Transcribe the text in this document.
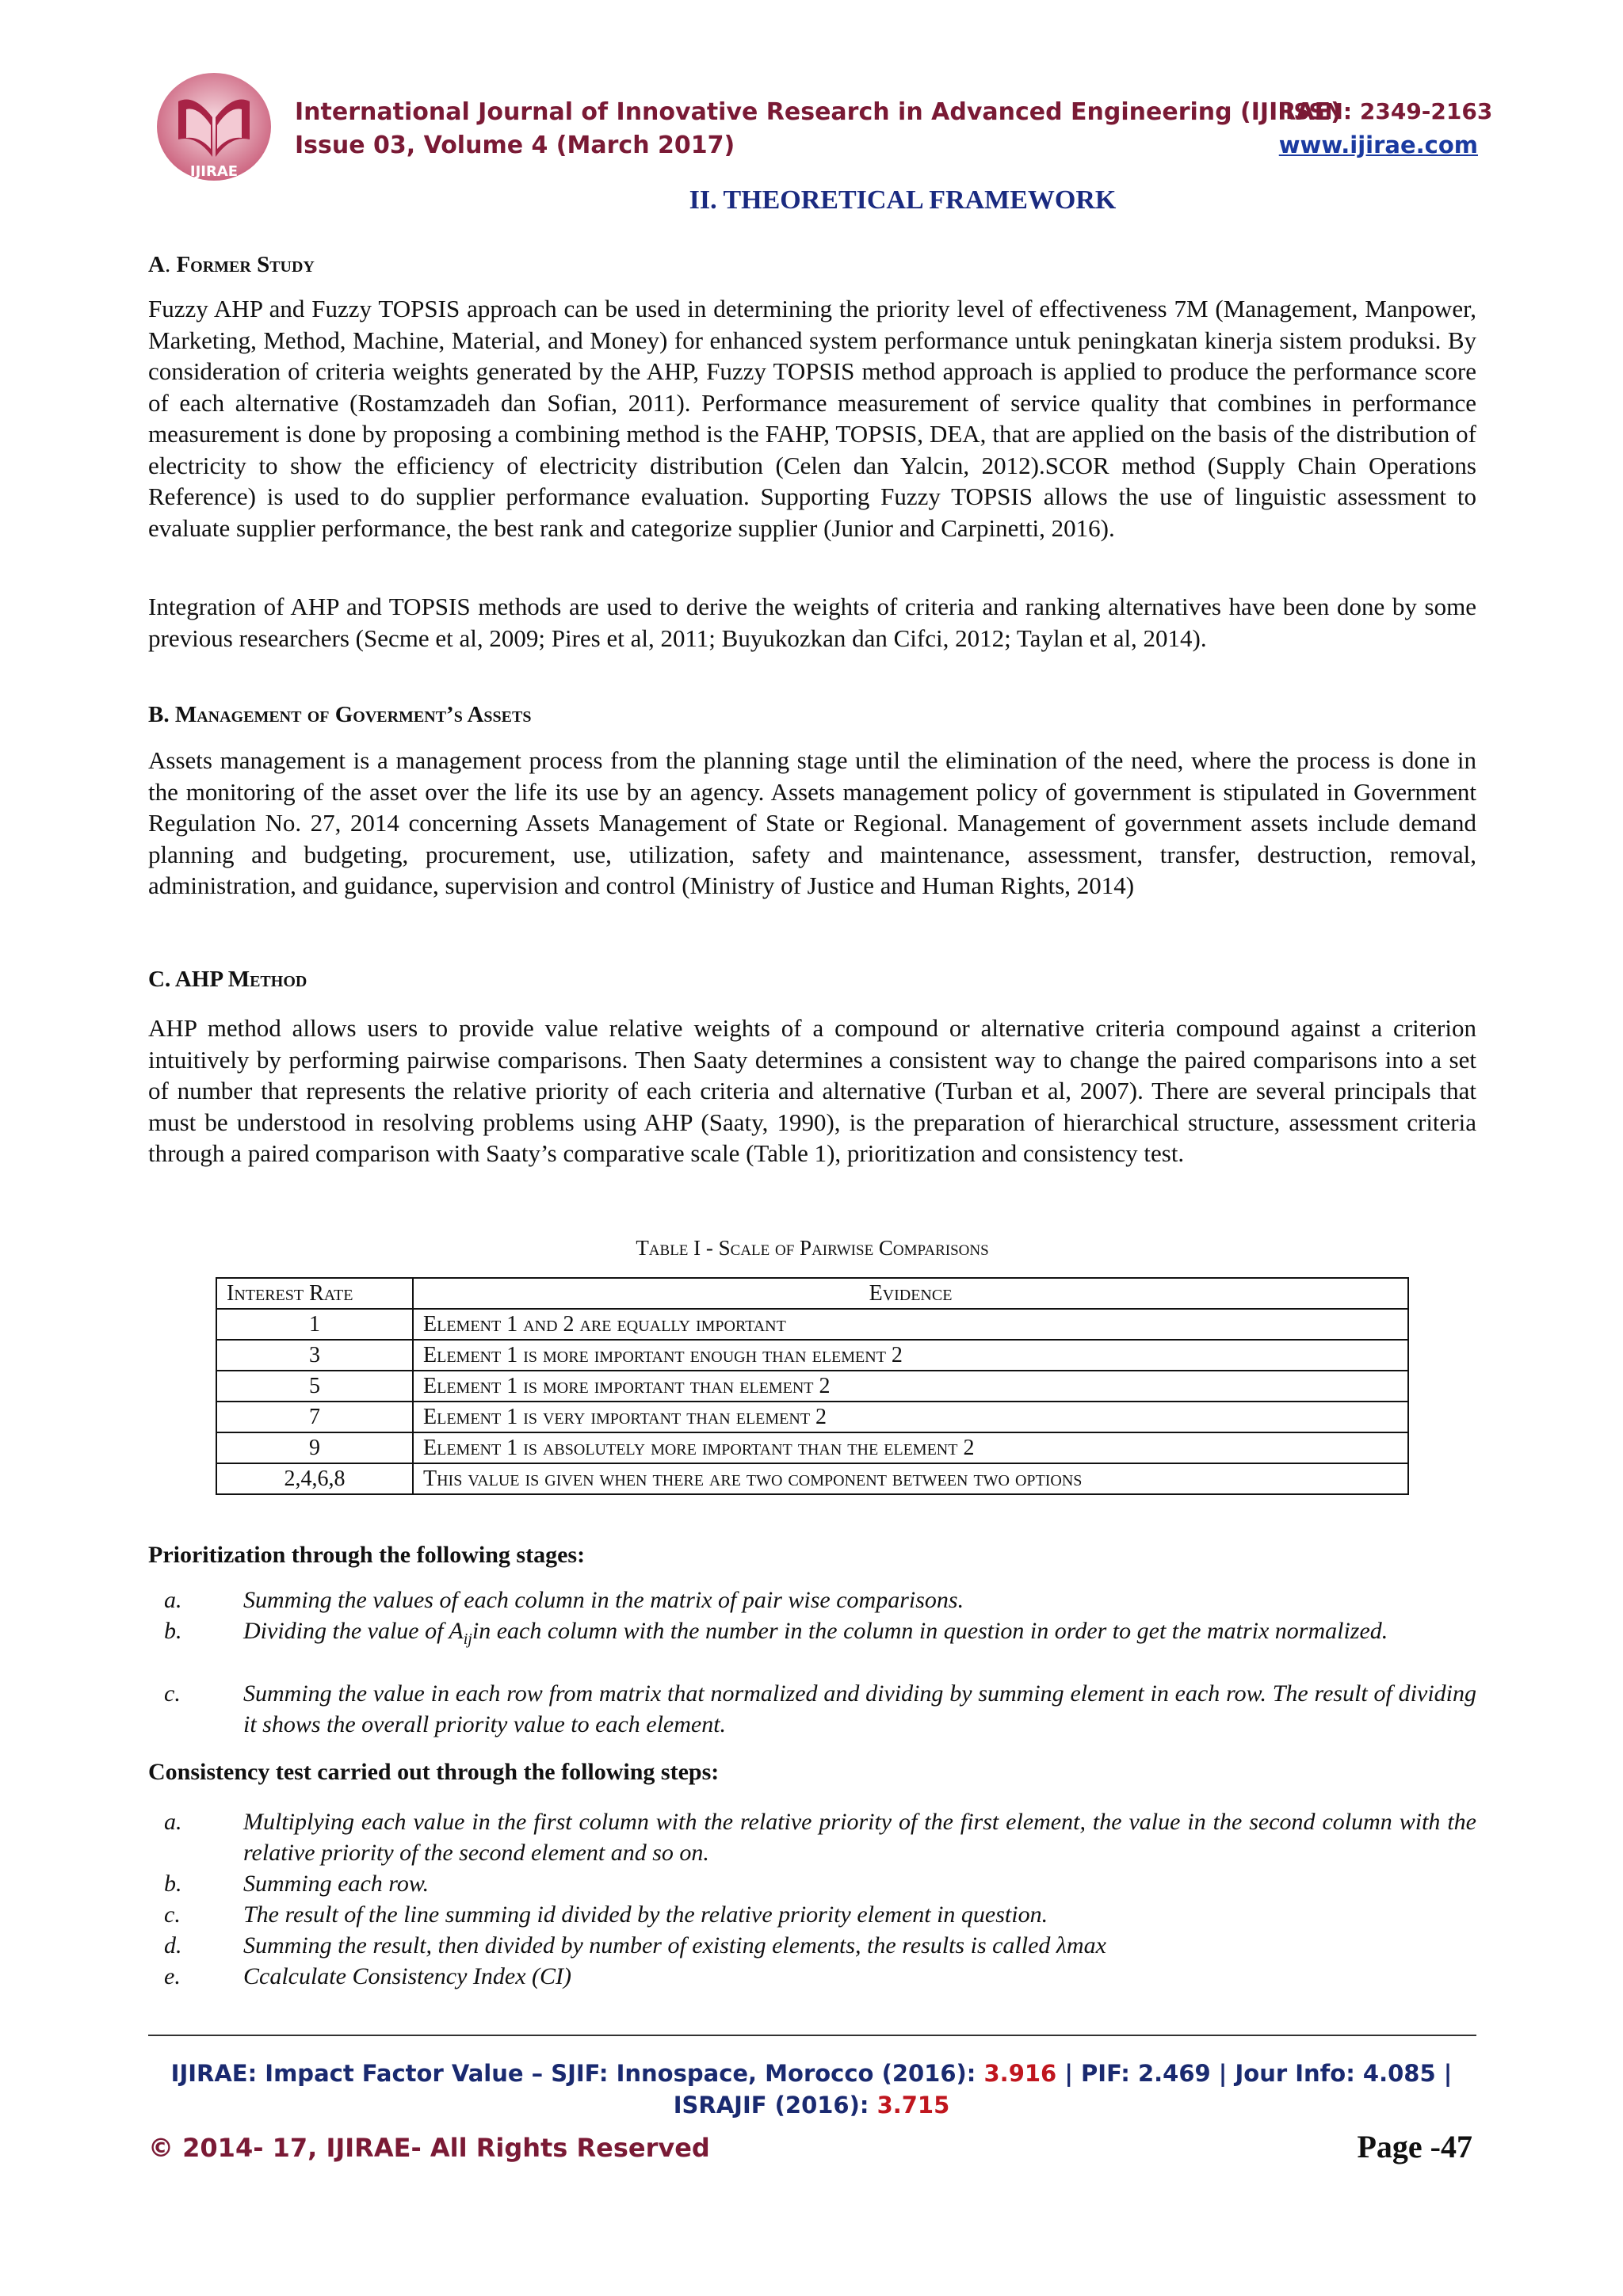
IJIRAE
International Journal of Innovative Research in Advanced Engineering (IJIRAE)
ISSN: 2349-2163
Issue 03, Volume 4 (March 2017)	www.ijirae.com
II. THEORETICAL FRAMEWORK
A. Former Study

Fuzzy AHP and Fuzzy TOPSIS approach can be used in determining the priority level of effectiveness 7M (Management, Manpower, Marketing, Method, Machine, Material, and Money) for enhanced system performance untuk peningkatan kinerja sistem produksi. By consideration of criteria weights generated by the AHP, Fuzzy TOPSIS method approach is applied to produce the performance score of each alternative (Rostamzadeh dan Sofian, 2011). Performance measurement of service quality that combines in performance measurement is done by proposing a combining method is the FAHP, TOPSIS, DEA, that are applied on the basis of the distribution of electricity to show the efficiency of electricity distribution (Celen dan Yalcin, 2012).SCOR method (Supply Chain Operations Reference) is used to do supplier performance evaluation. Supporting Fuzzy TOPSIS allows the use of linguistic assessment to evaluate supplier performance, the best rank and categorize supplier (Junior and Carpinetti, 2016).

Integration of AHP and TOPSIS methods are used to derive the weights of criteria and ranking alternatives have been done by some previous researchers (Secme et al, 2009; Pires et al, 2011; Buyukozkan dan Cifci, 2012; Taylan et al, 2014).

B. Management of Goverment’s Assets

Assets management is a management process from the planning stage until the elimination of the need, where the process is done in the monitoring of the asset over the life its use by an agency. Assets management policy of government is stipulated in Government Regulation No. 27, 2014 concerning Assets Management of State or Regional. Management of government assets include demand planning and budgeting, procurement, use, utilization, safety and maintenance, assessment, transfer, destruction, removal, administration, and guidance, supervision and control (Ministry of Justice and Human Rights, 2014)

C. AHP Method

AHP method allows users to provide value relative weights of a compound or alternative criteria compound against a criterion intuitively by performing pairwise comparisons. Then Saaty determines a consistent way to change the paired comparisons into a set of number that represents the relative priority of each criteria and alternative (Turban et al, 2007). There are several principals that must be understood in resolving problems using AHP (Saaty, 1990), is the preparation of hierarchical structure, assessment criteria through a paired comparison with Saaty’s comparative scale (Table 1), prioritization and consistency test.

Table I - Scale of Pairwise Comparisons
Interest Rate	Evidence
1	Element 1 and 2 are equally important
3	Element 1 is more important enough than element 2
5	Element 1 is more important than element 2
7	Element 1 is very important than element 2
9	Element 1 is absolutely more important than the element 2
2,4,6,8	This value is given when there are two component between two options
Prioritization through the following stages:
a.	Summing the values of each column in the matrix of pair wise comparisons.
b.	Dividing the value of $A_{ij}in$ each column with the number in the column in question in order to get the matrix normalized.
c.	Summing the value in each row from matrix that normalized and dividing by summing element in each row. The result of dividing it shows the overall priority value to each element.
Consistency test carried out through the following steps:
a.	Multiplying each value in the first column with the relative priority of the first element, the value in the second column with the relative priority of the second element and so on.
b.	Summing each row.
c.	The result of the line summing id divided by the relative priority element in question.
d.	Summing the result, then divided by number of existing elements, the results is called λmax
e.	Ccalculate Consistency Index (CI)
IJIRAE: Impact Factor Value – SJIF: Innospace, Morocco (2016): 3.916 | PIF: 2.469 | Jour Info: 4.085 |
ISRAJIF (2016): 3.715
© 2014- 17, IJIRAE- All Rights Reserved	Page -47
